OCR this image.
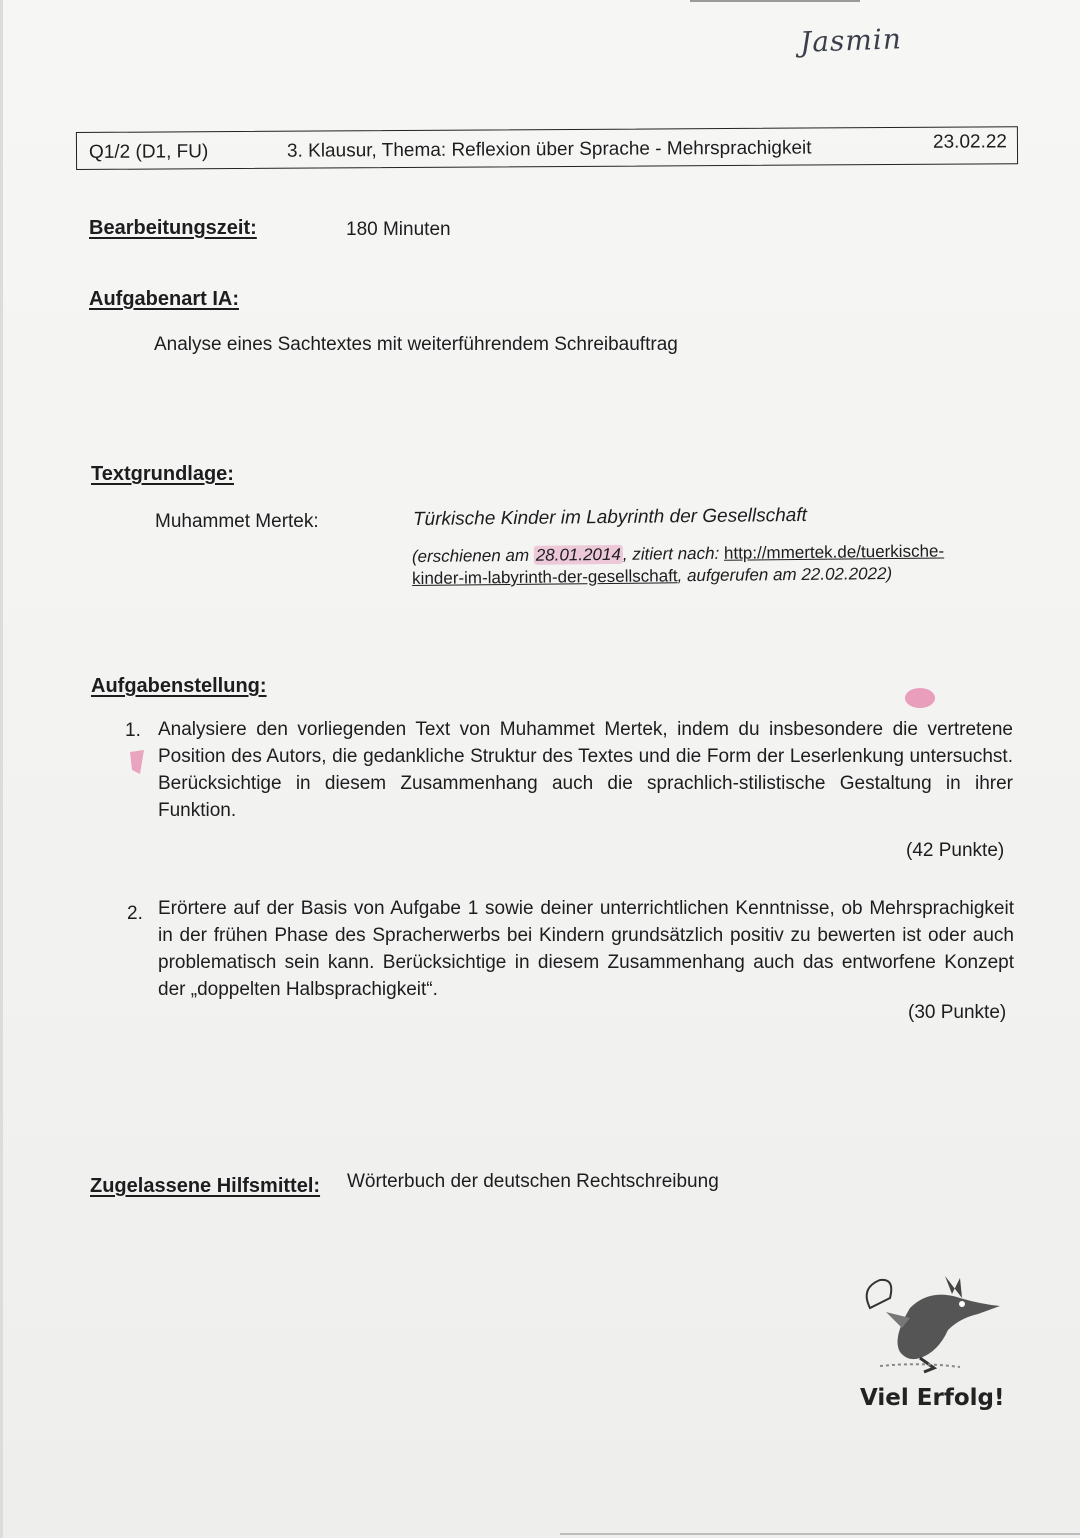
Jasmin
Q1/2 (D1, FU)	3. Klausur, Thema: Reflexion über Sprache - Mehrsprachigkeit	23.02.22
Bearbeitungszeit:	180 Minuten
Aufgabenart IA:
Analyse eines Sachtextes mit weiterführendem Schreibauftrag
Textgrundlage:
Muhammet Mertek:	Türkische Kinder im Labyrinth der Gesellschaft
(erschienen am 28.01.2014 , zitiert nach: http://mmertek.de/tuerkische-kinder-im-labyrinth-der-gesellschaft, aufgerufen am 22.02.2022)
Aufgabenstellung:
1. Analysiere den vorliegenden Text von Muhammet Mertek, indem du insbesondere die vertretene Position des Autors, die gedankliche Struktur des Textes und die Form der Leserlenkung untersuchst. Berücksichtige in diesem Zusammenhang auch die sprachlich-stilistische Gestaltung in ihrer Funktion.
(42 Punkte)
2. Erörtere auf der Basis von Aufgabe 1 sowie deiner unterrichtlichen Kenntnisse, ob Mehrsprachigkeit in der frühen Phase des Spracherwerbs bei Kindern grundsätzlich positiv zu bewerten ist oder auch problematisch sein kann. Berücksichtige in diesem Zusammenhang auch das entworfene Konzept der „doppelten Halbsprachigkeit“.
(30 Punkte)
Zugelassene Hilfsmittel: Wörterbuch der deutschen Rechtschreibung
Viel Erfolg!
